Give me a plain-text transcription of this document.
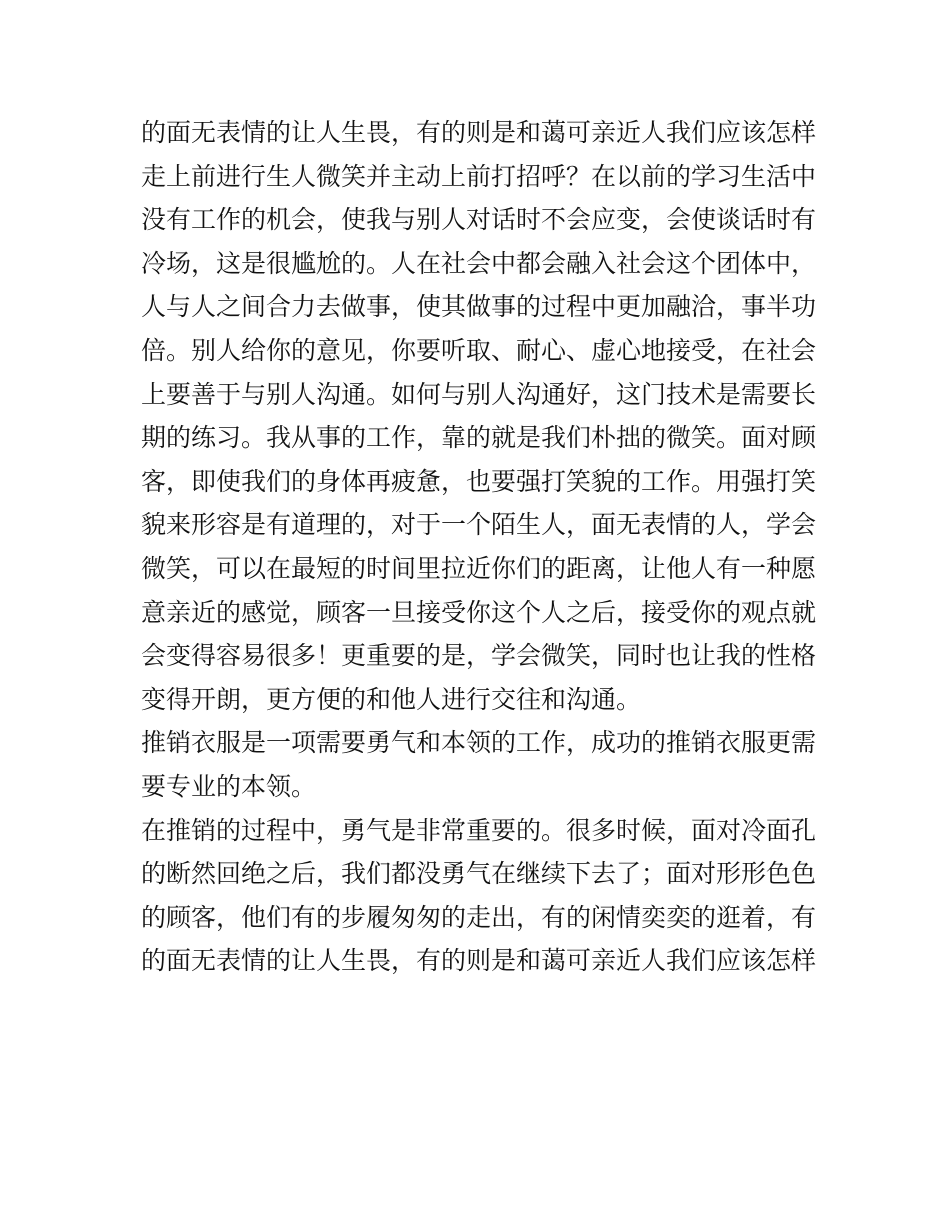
的面无表情的让人生畏，有的则是和蔼可亲近人我们应该怎样
走上前进行生人微笑并主动上前打招呼？在以前的学习生活中
没有工作的机会，使我与别人对话时不会应变，会使谈话时有
冷场，这是很尴尬的。人在社会中都会融入社会这个团体中，
人与人之间合力去做事，使其做事的过程中更加融洽，事半功
倍。别人给你的意见，你要听取、耐心、虚心地接受，在社会
上要善于与别人沟通。如何与别人沟通好，这门技术是需要长
期的练习。我从事的工作，靠的就是我们朴拙的微笑。面对顾
客，即使我们的身体再疲惫，也要强打笑貌的工作。用强打笑
貌来形容是有道理的，对于一个陌生人，面无表情的人，学会
微笑，可以在最短的时间里拉近你们的距离，让他人有一种愿
意亲近的感觉，顾客一旦接受你这个人之后，接受你的观点就
会变得容易很多！更重要的是，学会微笑，同时也让我的性格
变得开朗，更方便的和他人进行交往和沟通。
推销衣服是一项需要勇气和本领的工作，成功的推销衣服更需
要专业的本领。
在推销的过程中，勇气是非常重要的。很多时候，面对冷面孔
的断然回绝之后，我们都没勇气在继续下去了；面对形形色色
的顾客，他们有的步履匆匆的走出，有的闲情奕奕的逛着，有
的面无表情的让人生畏，有的则是和蔼可亲近人我们应该怎样
